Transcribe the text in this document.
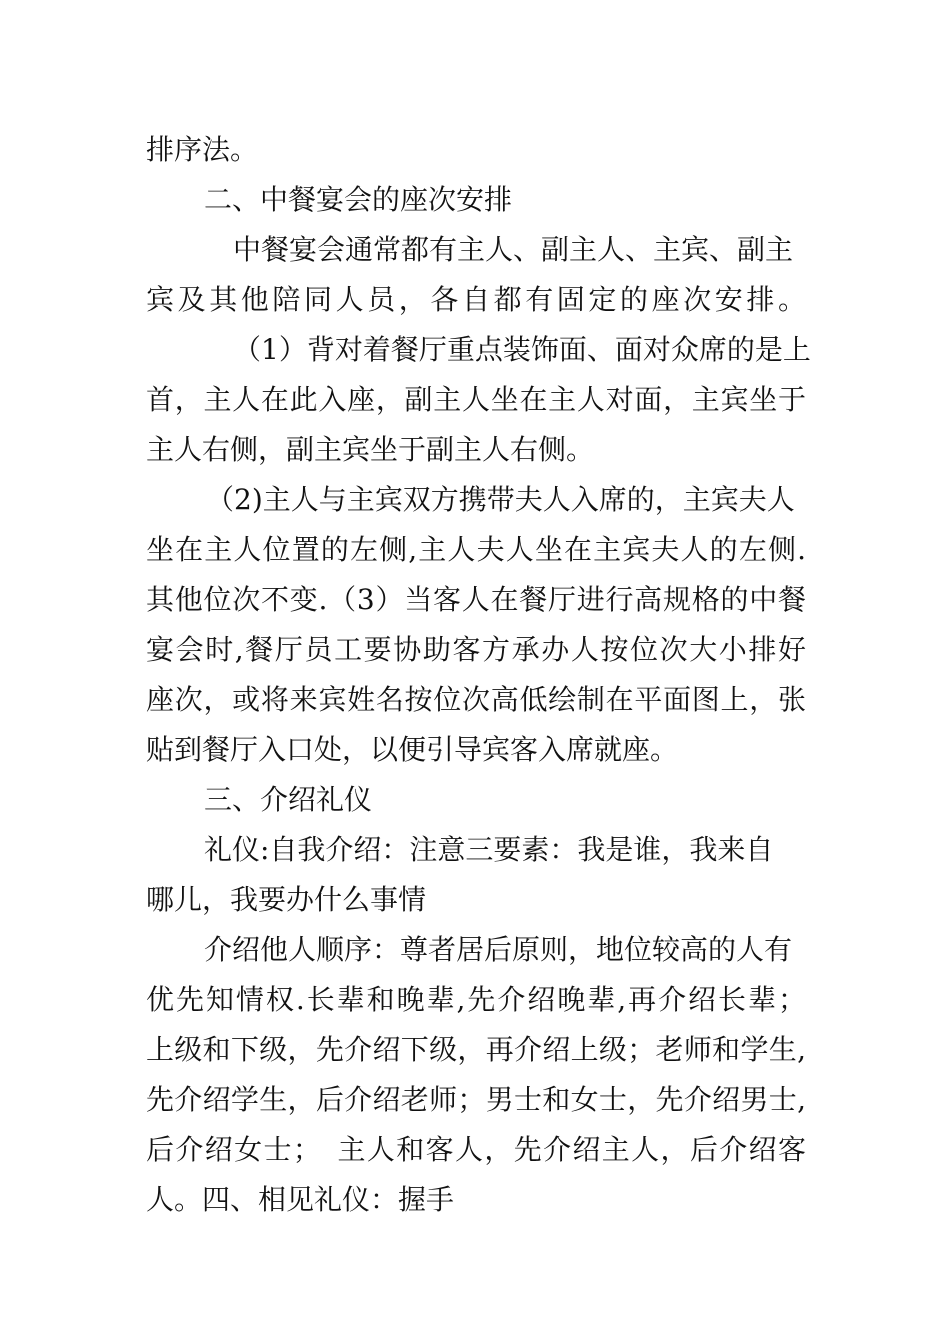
排序法。
二、中餐宴会的座次安排
中餐宴会通常都有主人、副主人、主宾、副主
宾及其他陪同人员，各自都有固定的座次安排。
（1）背对着餐厅重点装饰面、面对众席的是上
首，主人在此入座，副主人坐在主人对面，主宾坐于
主人右侧，副主宾坐于副主人右侧。
（2)主人与主宾双方携带夫人入席的，主宾夫人
坐在主人位置的左侧,主人夫人坐在主宾夫人的左侧.
其他位次不变.（3）当客人在餐厅进行高规格的中餐
宴会时,餐厅员工要协助客方承办人按位次大小排好
座次，或将来宾姓名按位次高低绘制在平面图上，张
贴到餐厅入口处，以便引导宾客入席就座。
三、介绍礼仪
礼仪:自我介绍：注意三要素：我是谁，我来自
哪儿，我要办什么事情
介绍他人顺序：尊者居后原则，地位较高的人有
优先知情权.长辈和晚辈,先介绍晚辈,再介绍长辈；
上级和下级，先介绍下级，再介绍上级；老师和学生,
先介绍学生，后介绍老师；男士和女士，先介绍男士,
后介绍女士；　主人和客人，先介绍主人，后介绍客
人。四、相见礼仪：握手
